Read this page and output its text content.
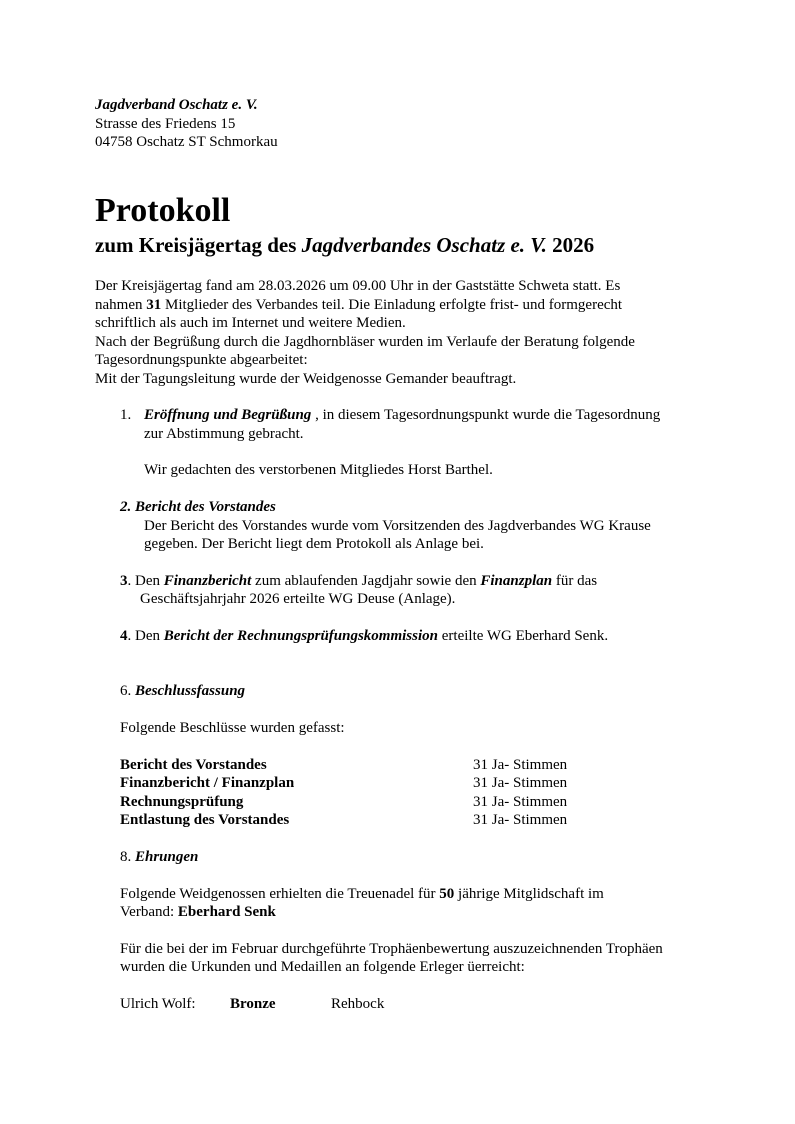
Jagdverband Oschatz e. V.
Strasse des Friedens 15
04758 Oschatz ST Schmorkau
Protokoll
zum Kreisjägertag des Jagdverbandes Oschatz e. V. 2026
Der Kreisjägertag fand am 28.03.2026 um 09.00 Uhr in der Gaststätte Schweta statt. Es
nahmen 31 Mitglieder des Verbandes teil. Die Einladung erfolgte frist- und formgerecht
schriftlich als auch im Internet und weitere Medien.
Nach der Begrüßung durch die Jagdhornbläser wurden im Verlaufe der Beratung folgende
Tagesordnungspunkte abgearbeitet:
Mit der Tagungsleitung wurde der Weidgenosse Gemander beauftragt.
1. Eröffnung und Begrüßung , in diesem Tagesordnungspunkt wurde die Tagesordnung
zur Abstimmung gebracht.
Wir gedachten des verstorbenen Mitgliedes Horst Barthel.
2. Bericht des Vorstandes
Der Bericht des Vorstandes wurde vom Vorsitzenden des Jagdverbandes WG Krause
gegeben. Der Bericht liegt dem Protokoll als Anlage bei.
3. Den Finanzbericht zum ablaufenden Jagdjahr sowie den Finanzplan für das
Geschäftsjahrjahr 2026 erteilte WG Deuse (Anlage).
4. Den Bericht der Rechnungsprüfungskommission erteilte WG Eberhard Senk.
6. Beschlussfassung
Folgende Beschlüsse wurden gefasst:
Bericht des Vorstandes	31 Ja- Stimmen
Finanzbericht / Finanzplan	31 Ja- Stimmen
Rechnungsprüfung	31 Ja- Stimmen
Entlastung des Vorstandes	31 Ja- Stimmen
8. Ehrungen
Folgende Weidgenossen erhielten die Treuenadel für 50 jährige Mitglidschaft im
Verband: Eberhard Senk
Für die bei der im Februar durchgeführte Trophäenbewertung auszuzeichnenden Trophäen
wurden die Urkunden und Medaillen an folgende Erleger üerreicht:
Ulrich Wolf: Bronze	Rehbock
